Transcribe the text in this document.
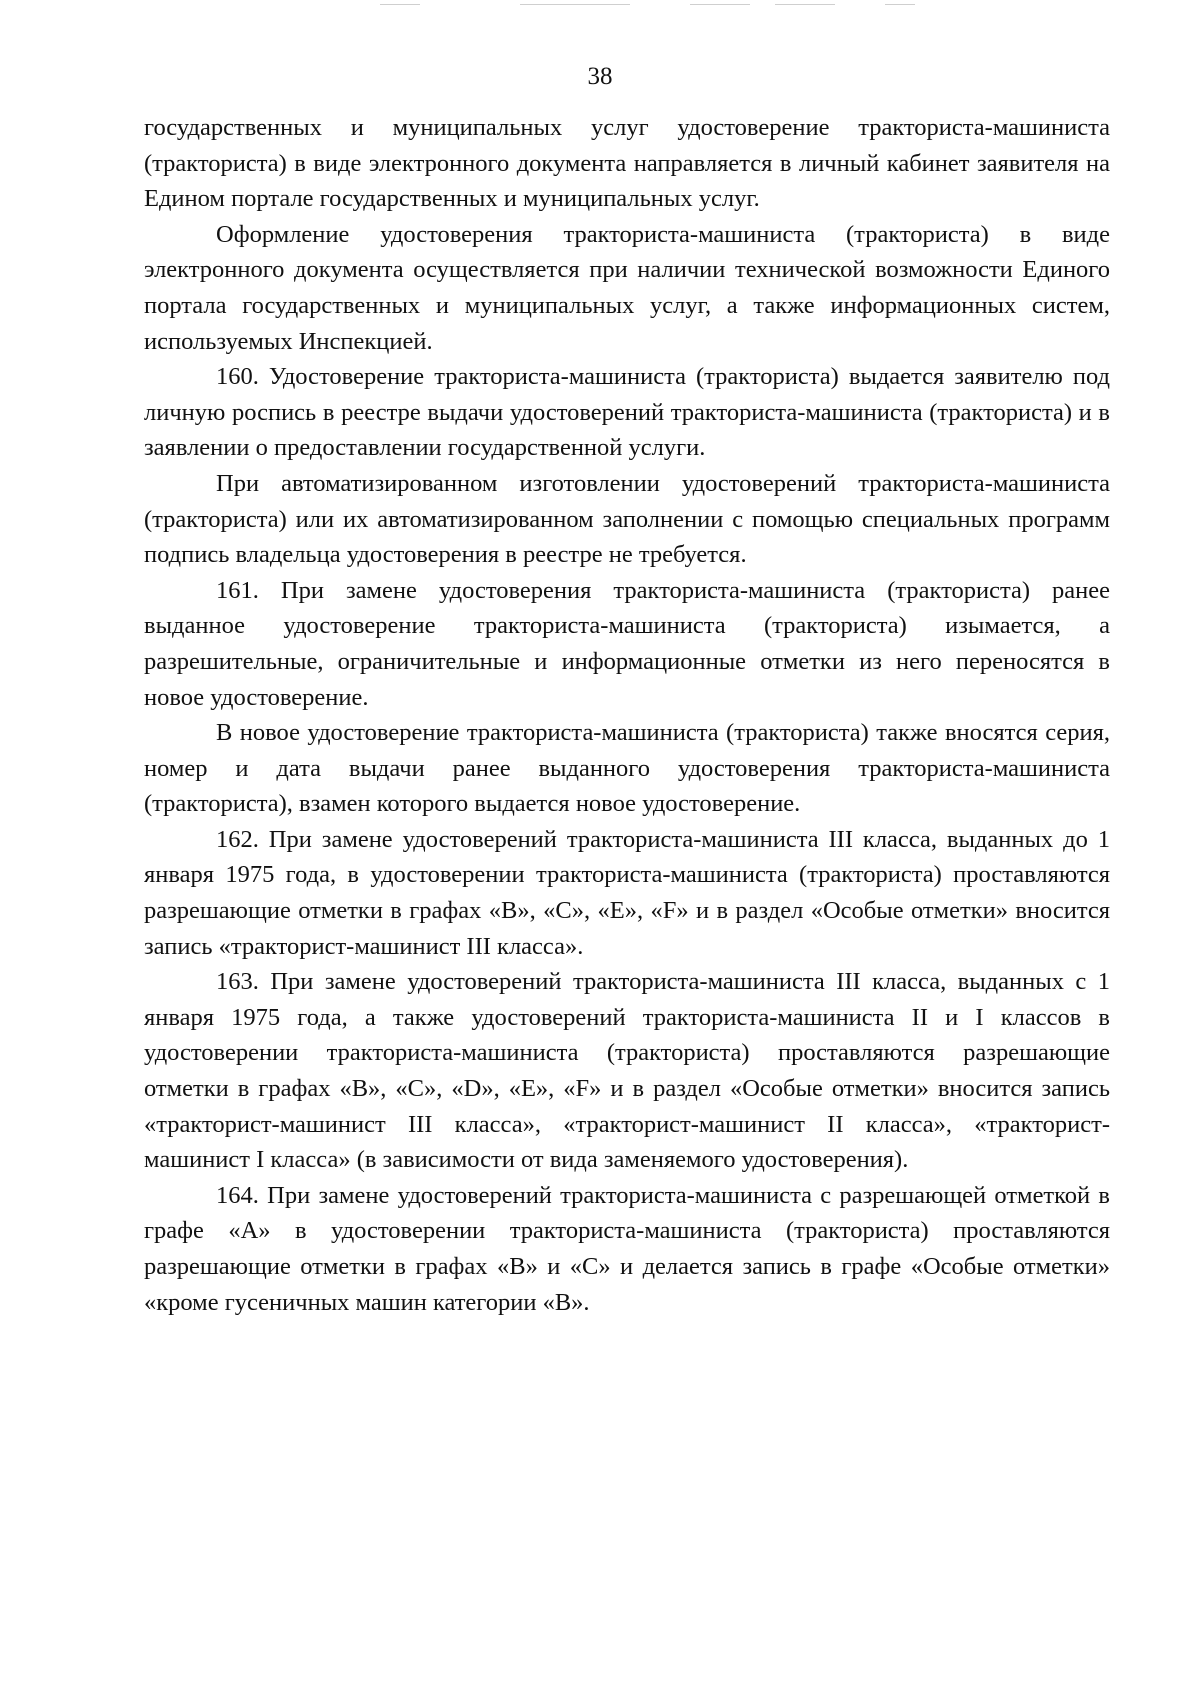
38

государственных и муниципальных услуг удостоверение тракториста-машиниста (тракториста) в виде электронного документа направляется в личный кабинет заявителя на Едином портале государственных и муниципальных услуг.

Оформление удостоверения тракториста-машиниста (тракториста) в виде электронного документа осуществляется при наличии технической возможности Единого портала государственных и муниципальных услуг, а также информационных систем, используемых Инспекцией.

160. Удостоверение тракториста-машиниста (тракториста) выдается заявителю под личную роспись в реестре выдачи удостоверений тракториста-машиниста (тракториста) и в заявлении о предоставлении государственной услуги.

При автоматизированном изготовлении удостоверений тракториста-машиниста (тракториста) или их автоматизированном заполнении с помощью специальных программ подпись владельца удостоверения в реестре не требуется.

161. При замене удостоверения тракториста-машиниста (тракториста) ранее выданное удостоверение тракториста-машиниста (тракториста) изымается, а разрешительные, ограничительные и информационные отметки из него переносятся в новое удостоверение.

В новое удостоверение тракториста-машиниста (тракториста) также вносятся серия, номер и дата выдачи ранее выданного удостоверения тракториста-машиниста (тракториста), взамен которого выдается новое удостоверение.

162. При замене удостоверений тракториста-машиниста III класса, выданных до 1 января 1975 года, в удостоверении тракториста-машиниста (тракториста) проставляются разрешающие отметки в графах «B», «C», «E», «F» и в раздел «Особые отметки» вносится запись «тракторист-машинист III класса».

163. При замене удостоверений тракториста-машиниста III класса, выданных с 1 января 1975 года, а также удостоверений тракториста-машиниста II и I классов в удостоверении тракториста-машиниста (тракториста) проставляются разрешающие отметки в графах «B», «C», «D», «E», «F» и в раздел «Особые отметки» вносится запись «тракторист-машинист III класса», «тракторист-машинист II класса», «тракторист-машинист I класса» (в зависимости от вида заменяемого удостоверения).

164. При замене удостоверений тракториста-машиниста с разрешающей отметкой в графе «A» в удостоверении тракториста-машиниста (тракториста) проставляются разрешающие отметки в графах «B» и «C» и делается запись в графе «Особые отметки» «кроме гусеничных машин категории «B».
